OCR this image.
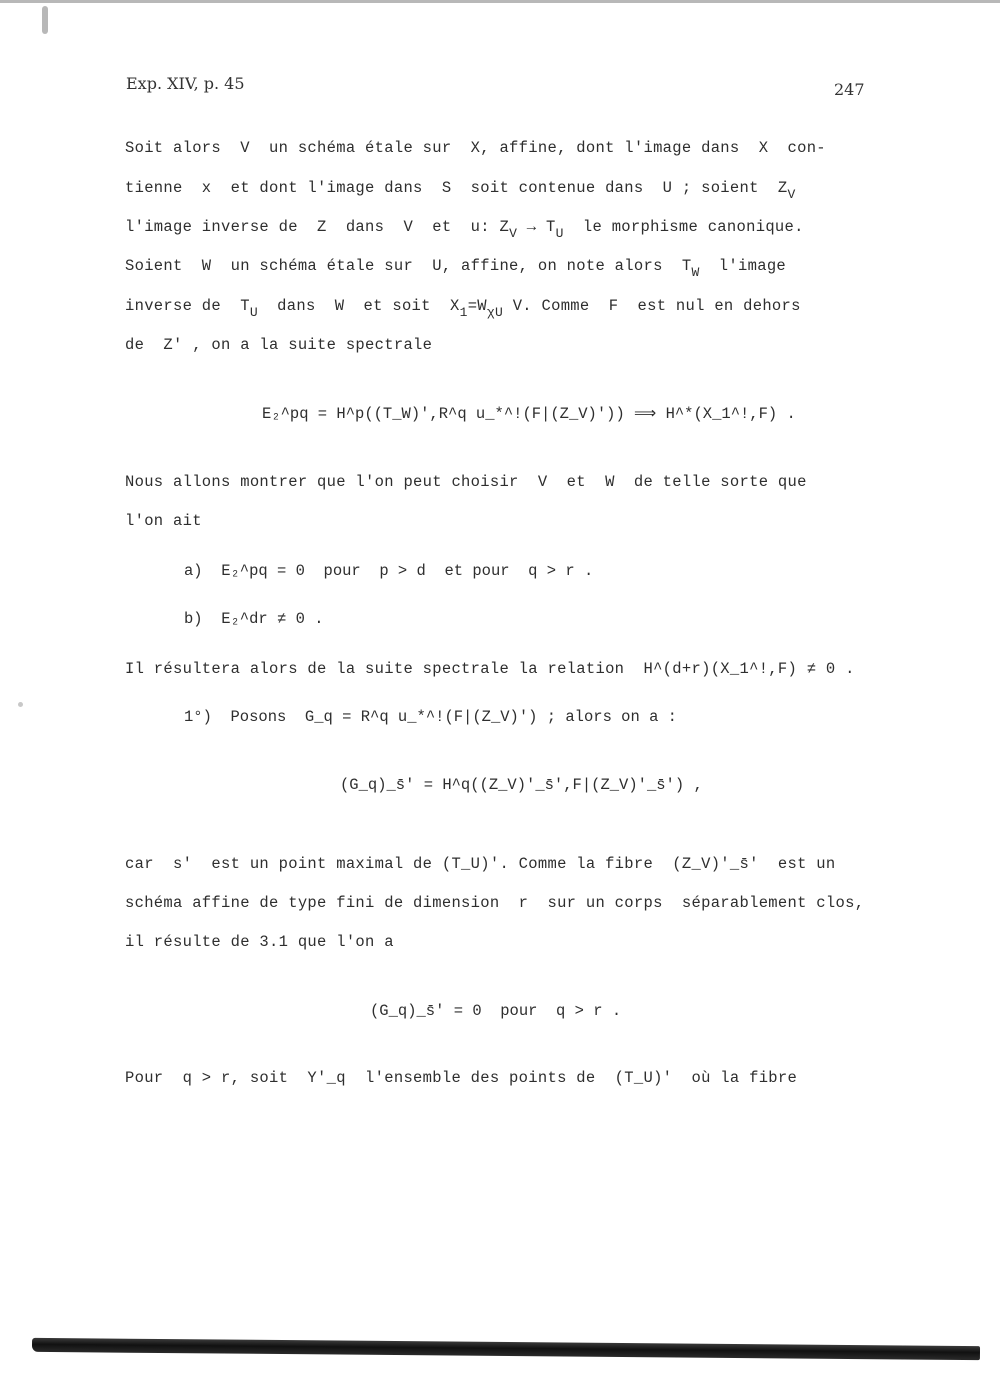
Exp. XIV, p. 45	247
Soit alors  V  un schéma étale sur  X, affine, dont l'image dans  X  con-
tienne  x  et dont l'image dans  S  soit contenue dans  U ; soient  $Z_V$
l'image inverse de  Z  dans  V  et  u: $Z_V \to T_U$  le morphisme canonique.
Soient  W  un schéma étale sur  U, affine, on note alors  $T_W$  l'image
inverse de  $T_U$  dans  W  et soit  $X_1=W_{\chi U}$ V. Comme  F  est nul en dehors
de  Z' , on a la suite spectrale
E₂^pq = H^p((T_W)',R^q u_*^!(F|(Z_V)')) ⟹ H^*(X_1^!,F) .
Nous allons montrer que l'on peut choisir  V  et  W  de telle sorte que
l'on ait
a)  E₂^pq = 0  pour  p > d  et pour  q > r .
b)  E₂^dr ≠ 0 .
Il résultera alors de la suite spectrale la relation  H^(d+r)(X_1^!,F) ≠ 0 .
1°)  Posons  G_q = R^q u_*^!(F|(Z_V)') ; alors on a :
(G_q)_s̄' = H^q((Z_V)'_s̄',F|(Z_V)'_s̄') ,
car  s'  est un point maximal de (T_U)'. Comme la fibre  (Z_V)'_s̄'  est un
schéma affine de type fini de dimension  r  sur un corps  séparablement clos,
il résulte de 3.1 que l'on a
(G_q)_s̄' = 0  pour  q > r .
Pour  q > r, soit  Y'_q  l'ensemble des points de  (T_U)'  où la fibre
